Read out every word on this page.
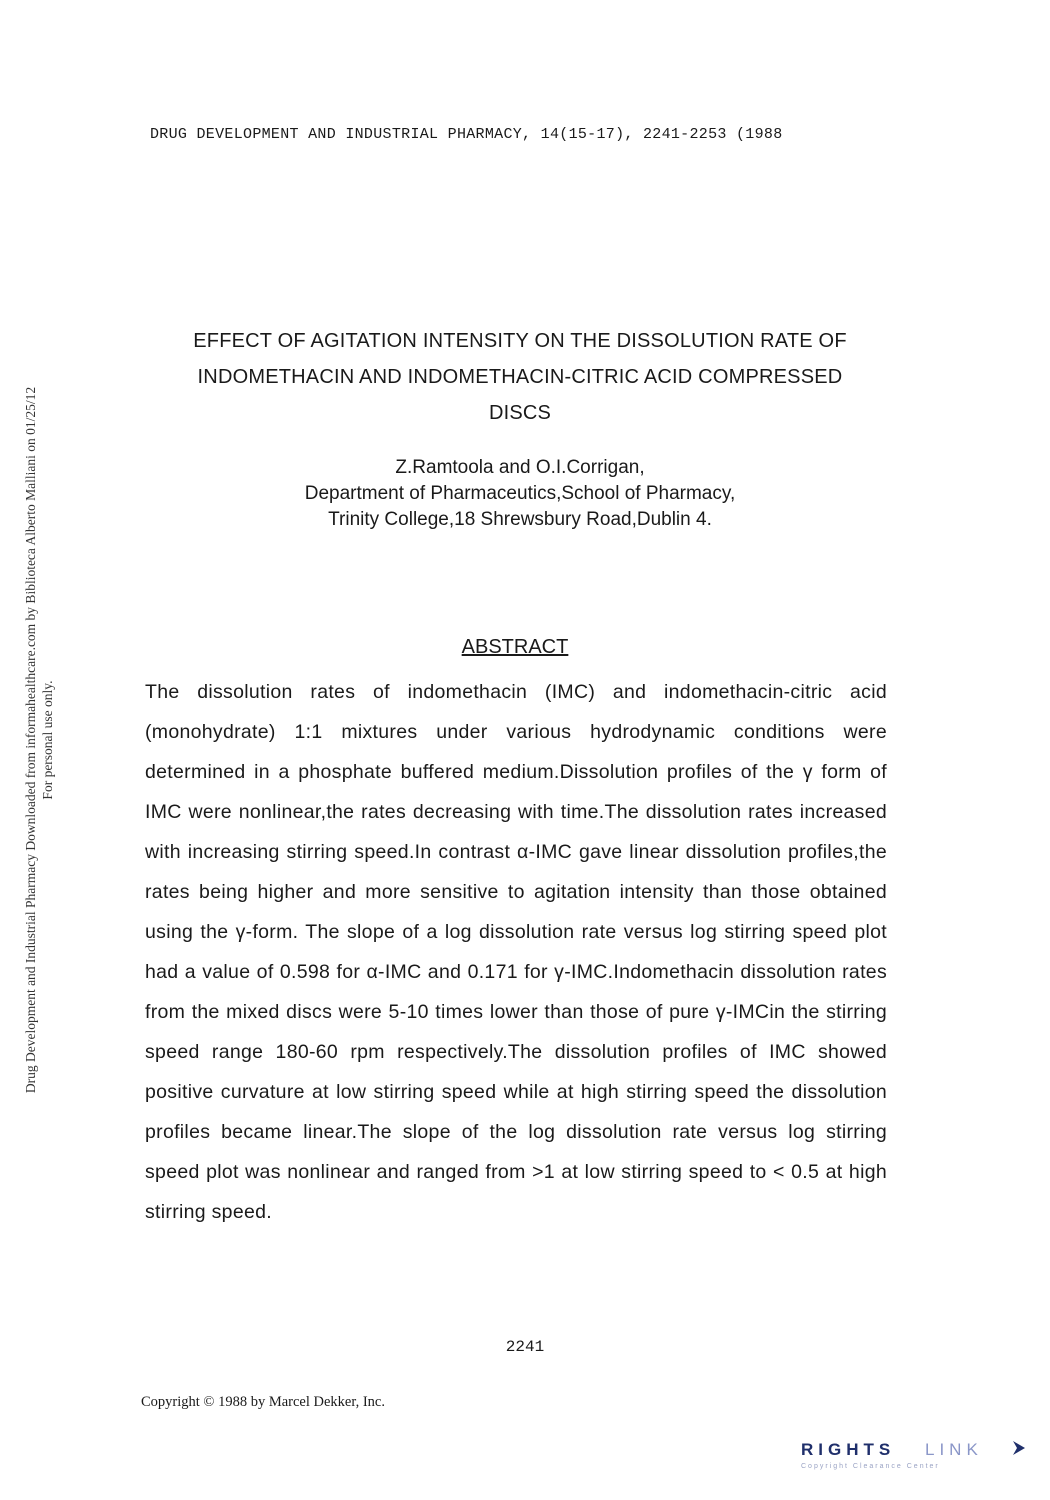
DRUG DEVELOPMENT AND INDUSTRIAL PHARMACY, 14(15-17), 2241-2253 (1988
Drug Development and Industrial Pharmacy Downloaded from informahealthcare.com by Biblioteca Alberto Malliani on 01/25/12 For personal use only.
EFFECT OF AGITATION INTENSITY ON THE DISSOLUTION RATE OF
INDOMETHACIN AND INDOMETHACIN-CITRIC ACID COMPRESSED
DISCS
Z.Ramtoola and O.I.Corrigan,
Department of Pharmaceutics,School of Pharmacy,
Trinity College,18 Shrewsbury Road,Dublin 4.
ABSTRACT
The dissolution rates of indomethacin (IMC) and indomethacin-citric acid (monohydrate) 1:1 mixtures under various hydrodynamic conditions were determined in a phosphate buffered medium.Dissolution profiles of the γ form of IMC were nonlinear,the rates decreasing with time.The dissolution rates increased with increasing stirring speed.In contrast α-IMC gave linear dissolution profiles,the rates being higher and more sensitive to agitation intensity than those obtained using the γ-form. The slope of a log dissolution rate versus log stirring speed plot had a value of 0.598 for α-IMC and 0.171 for γ-IMC.Indomethacin dissolution rates from the mixed discs were 5-10 times lower than those of pure γ-IMCin the stirring speed range 180-60 rpm respectively.The dissolution profiles of IMC showed positive curvature at low stirring speed while at high stirring speed the dissolution profiles became linear.The slope of the log dissolution rate versus log stirring speed plot was nonlinear and ranged from >1 at low stirring speed to < 0.5 at high stirring speed.
2241
Copyright © 1988 by Marcel Dekker, Inc.
RIGHTS LINK
Copyright Clearance Center
